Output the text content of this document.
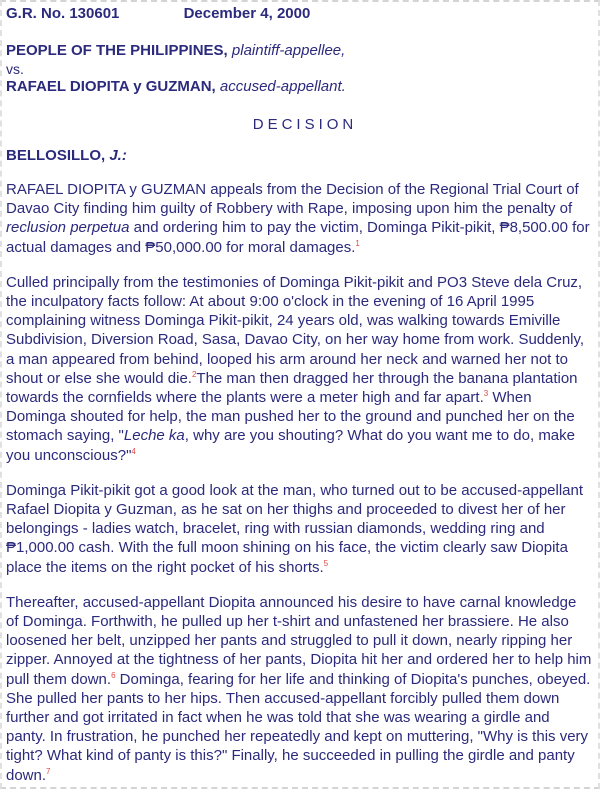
G.R. No. 130601	December 4, 2000
PEOPLE OF THE PHILIPPINES, plaintiff-appellee,
vs.
RAFAEL DIOPITA y GUZMAN, accused-appellant.
DECISION
BELLOSILLO, J.:

RAFAEL DIOPITA y GUZMAN appeals from the Decision of the Regional Trial Court of Davao City finding him guilty of Robbery with Rape, imposing upon him the penalty of reclusion perpetua and ordering him to pay the victim, Dominga Pikit-pikit, ₱8,500.00 for actual damages and ₱50,000.00 for moral damages.$^1$

Culled principally from the testimonies of Dominga Pikit-pikit and PO3 Steve dela Cruz, the inculpatory facts follow: At about 9:00 o'clock in the evening of 16 April 1995 complaining witness Dominga Pikit-pikit, 24 years old, was walking towards Emiville Subdivision, Diversion Road, Sasa, Davao City, on her way home from work. Suddenly, a man appeared from behind, looped his arm around her neck and warned her not to shout or else she would die.$^2$The man then dragged her through the banana plantation towards the cornfields where the plants were a meter high and far apart.$^3$ When Dominga shouted for help, the man pushed her to the ground and punched her on the stomach saying, "Leche ka, why are you shouting? What do you want me to do, make you unconscious?"$^4$

Dominga Pikit-pikit got a good look at the man, who turned out to be accused-appellant Rafael Diopita y Guzman, as he sat on her thighs and proceeded to divest her of her belongings - ladies watch, bracelet, ring with russian diamonds, wedding ring and ₱1,000.00 cash. With the full moon shining on his face, the victim clearly saw Diopita place the items on the right pocket of his shorts.$^5$

Thereafter, accused-appellant Diopita announced his desire to have carnal knowledge of Dominga. Forthwith, he pulled up her t-shirt and unfastened her brassiere. He also loosened her belt, unzipped her pants and struggled to pull it down, nearly ripping her zipper. Annoyed at the tightness of her pants, Diopita hit her and ordered her to help him pull them down.$^6$ Dominga, fearing for her life and thinking of Diopita's punches, obeyed. She pulled her pants to her hips. Then accused-appellant forcibly pulled them down further and got irritated in fact when he was told that she was wearing a girdle and panty. In frustration, he punched her repeatedly and kept on muttering, "Why is this very tight? What kind of panty is this?" Finally, he succeeded in pulling the girdle and panty down.$^7$
